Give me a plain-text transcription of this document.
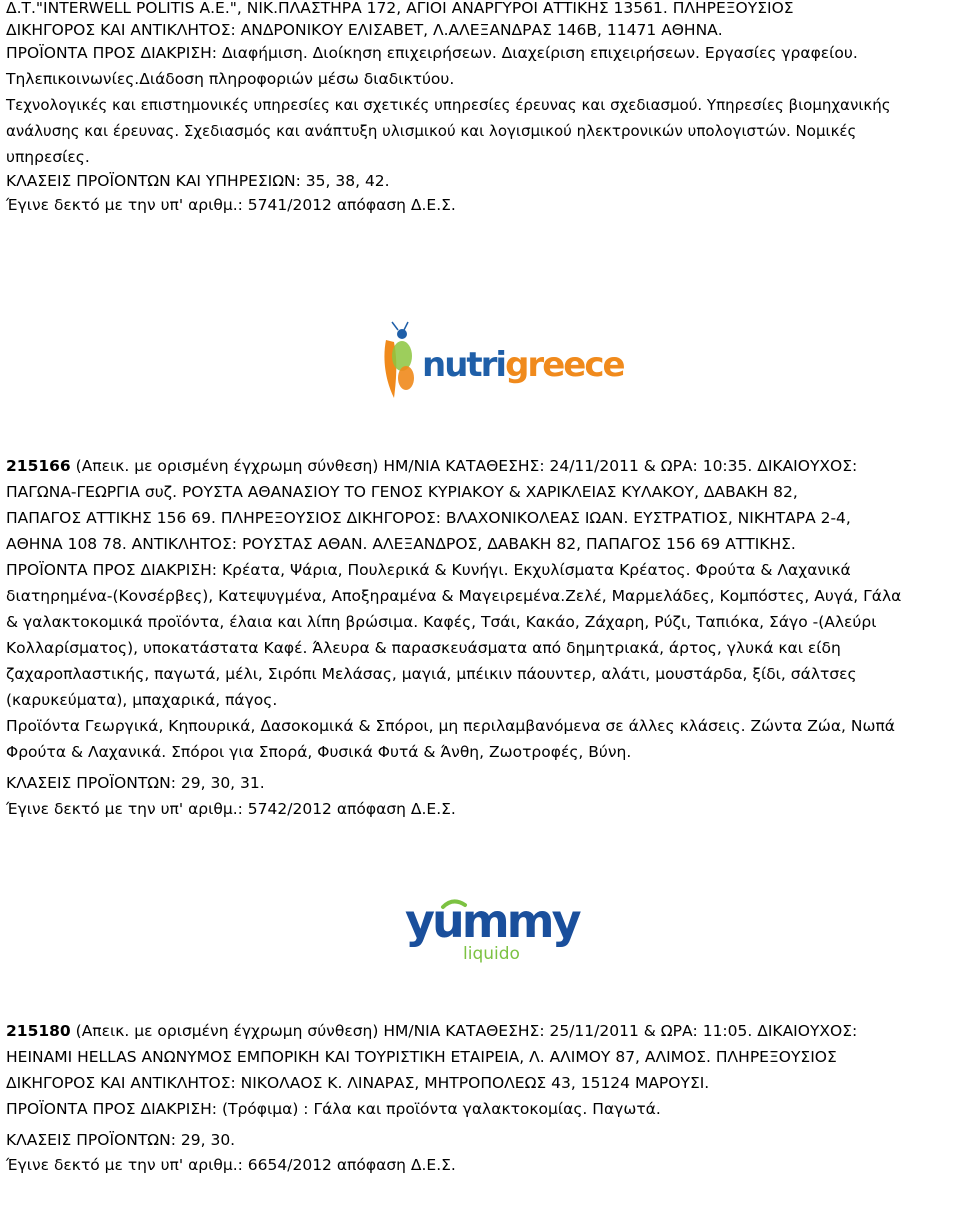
Δ.Τ."INTERWELL POLITIS Α.Ε.", ΝΙΚ.ΠΛΑΣΤΗΡΑ 172, ΑΓΙΟΙ ΑΝΑΡΓΥΡΟΙ ΑΤΤΙΚΗΣ 13561. ΠΛΗΡΕΞΟΥΣΙΟΣ

ΔΙΚΗΓΟΡΟΣ ΚΑΙ ΑΝΤΙΚΛΗΤΟΣ: ΑΝΔΡΟΝΙΚΟΥ ΕΛΙΣΑΒΕΤ, Λ.ΑΛΕΞΑΝΔΡΑΣ 146Β, 11471 ΑΘΗΝΑ.

ΠΡΟΪΟΝΤΑ ΠΡΟΣ ΔΙΑΚΡΙΣΗ: Διαφήμιση. Διοίκηση επιχειρήσεων. Διαχείριση επιχειρήσεων. Εργασίες γραφείου.

Τηλεπικοινωνίες.Διάδοση πληροφοριών μέσω διαδικτύου.

Τεχνολογικές και επιστημονικές υπηρεσίες και σχετικές υπηρεσίες έρευνας και σχεδιασμού. Υπηρεσίες βιομηχανικής

ανάλυσης και έρευνας. Σχεδιασμός και ανάπτυξη υλισμικού και λογισμικού ηλεκτρονικών υπολογιστών. Νομικές

υπηρεσίες.

ΚΛΑΣΕΙΣ ΠΡΟΪΟΝΤΩΝ ΚΑΙ ΥΠΗΡΕΣΙΩΝ: 35, 38, 42.

Έγινε δεκτό με την υπ' αριθμ.: 5741/2012 απόφαση Δ.Ε.Σ.

nutrigreece

215166 (Απεικ. με ορισμένη έγχρωμη σύνθεση) ΗΜ/ΝΙΑ ΚΑΤΑΘΕΣΗΣ: 24/11/2011 & ΩΡΑ: 10:35. ΔΙΚΑΙΟΥΧΟΣ:

ΠΑΓΩΝΑ-ΓΕΩΡΓΙΑ συζ. ΡΟΥΣΤΑ ΑΘΑΝΑΣΙΟΥ ΤΟ ΓΕΝΟΣ ΚΥΡΙΑΚΟΥ & ΧΑΡΙΚΛΕΙΑΣ ΚΥΛΑΚΟΥ, ΔΑΒΑΚΗ 82,

ΠΑΠΑΓΟΣ ΑΤΤΙΚΗΣ 156 69. ΠΛΗΡΕΞΟΥΣΙΟΣ ΔΙΚΗΓΟΡΟΣ: ΒΛΑΧΟΝΙΚΟΛΕΑΣ ΙΩΑΝ. ΕΥΣΤΡΑΤΙΟΣ, ΝΙΚΗΤΑΡΑ 2-4,

ΑΘΗΝΑ 108 78. ΑΝΤΙΚΛΗΤΟΣ: ΡΟΥΣΤΑΣ ΑΘΑΝ. ΑΛΕΞΑΝΔΡΟΣ, ΔΑΒΑΚΗ 82, ΠΑΠΑΓΟΣ 156 69 ΑΤΤΙΚΗΣ.

ΠΡΟΪΟΝΤΑ ΠΡΟΣ ΔΙΑΚΡΙΣΗ: Κρέατα, Ψάρια, Πουλερικά & Κυνήγι. Εκχυλίσματα Κρέατος. Φρούτα & Λαχανικά

διατηρημένα-(Κονσέρβες), Κατεψυγμένα, Αποξηραμένα & Μαγειρεμένα.Ζελέ, Μαρμελάδες, Κομπόστες, Αυγά, Γάλα

& γαλακτοκομικά προϊόντα, έλαια και λίπη βρώσιμα. Καφές, Τσάι, Κακάο, Ζάχαρη, Ρύζι, Ταπιόκα, Σάγο -(Αλεύρι

Κολλαρίσματος), υποκατάστατα Καφέ. Άλευρα & παρασκευάσματα από δημητριακά, άρτος, γλυκά και είδη

ζαχαροπλαστικής, παγωτά, μέλι, Σιρόπι Μελάσας, μαγιά, μπέικιν πάουντερ, αλάτι, μουστάρδα, ξίδι, σάλτσες

(καρυκεύματα), μπαχαρικά, πάγος.

Προϊόντα Γεωργικά, Κηπουρικά, Δασοκομικά & Σπόροι, μη περιλαμβανόμενα σε άλλες κλάσεις. Ζώντα Ζώα, Νωπά

Φρούτα & Λαχανικά. Σπόροι για Σπορά, Φυσικά Φυτά & Άνθη, Ζωοτροφές, Βύνη.

ΚΛΑΣΕΙΣ ΠΡΟΪΟΝΤΩΝ: 29, 30, 31.

Έγινε δεκτό με την υπ' αριθμ.: 5742/2012 απόφαση Δ.Ε.Σ.

yummy
liquido

215180 (Απεικ. με ορισμένη έγχρωμη σύνθεση) ΗΜ/ΝΙΑ ΚΑΤΑΘΕΣΗΣ: 25/11/2011 & ΩΡΑ: 11:05. ΔΙΚΑΙΟΥΧΟΣ:

HEINAMI HELLAS ΑΝΩΝΥΜΟΣ ΕΜΠΟΡΙΚΗ ΚΑΙ ΤΟΥΡΙΣΤΙΚΗ ΕΤΑΙΡΕΙΑ, Λ. ΑΛΙΜΟΥ 87, ΑΛΙΜΟΣ. ΠΛΗΡΕΞΟΥΣΙΟΣ

ΔΙΚΗΓΟΡΟΣ ΚΑΙ ΑΝΤΙΚΛΗΤΟΣ: ΝΙΚΟΛΑΟΣ Κ. ΛΙΝΑΡΑΣ, ΜΗΤΡΟΠΟΛΕΩΣ 43, 15124 ΜΑΡΟΥΣΙ.

ΠΡΟΪΟΝΤΑ ΠΡΟΣ ΔΙΑΚΡΙΣΗ: (Τρόφιμα) : Γάλα και προϊόντα γαλακτοκομίας. Παγωτά.

ΚΛΑΣΕΙΣ ΠΡΟΪΟΝΤΩΝ: 29, 30.

Έγινε δεκτό με την υπ' αριθμ.: 6654/2012 απόφαση Δ.Ε.Σ.
